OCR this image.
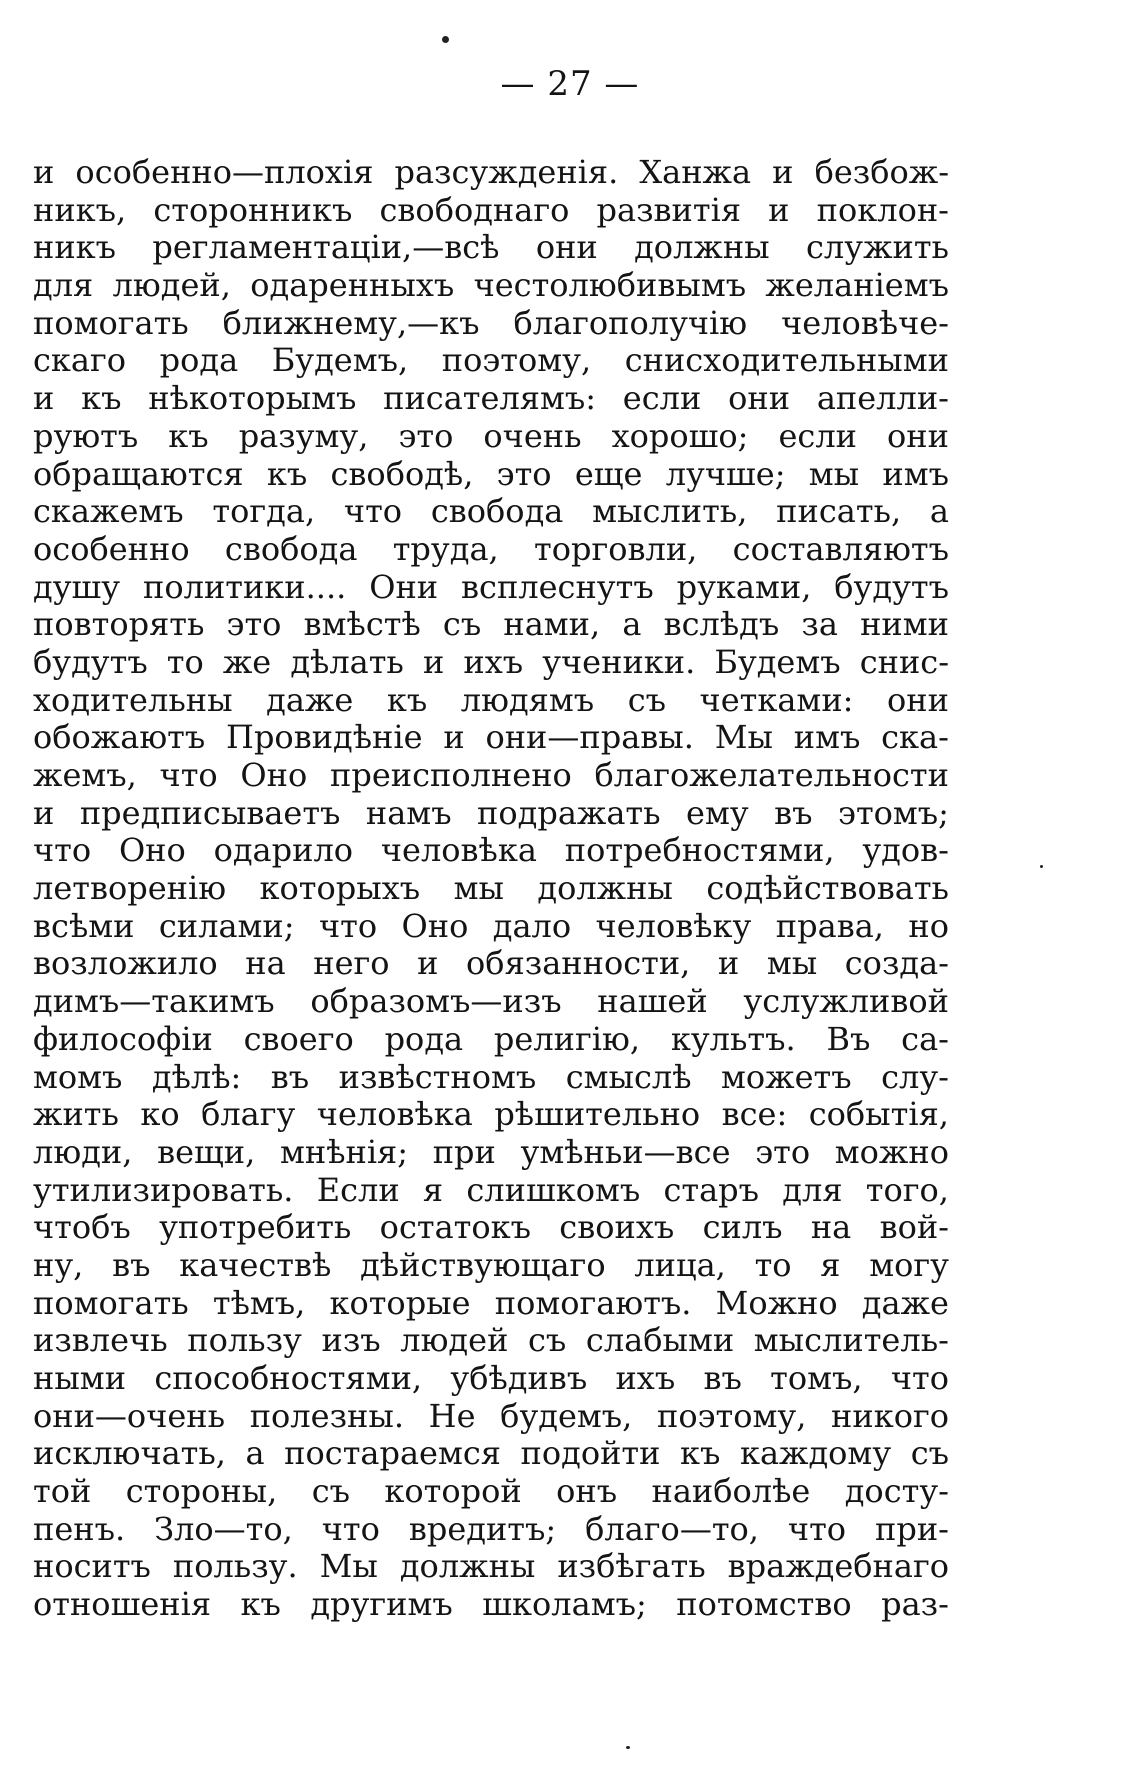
— 27 —
и особенно—плохія разсужденія. Ханжа и безбож-
никъ, сторонникъ свободнаго развитія и поклон-
никъ регламентаціи,—всѣ они должны служить
для людей, одаренныхъ честолюбивымъ желаніемъ
помогать ближнему,—къ благополучію человѣче-
скаго рода Будемъ, поэтому, снисходительными
и къ нѣкоторымъ писателямъ: если они апелли-
руютъ къ разуму, это очень хорошо; если они
обращаются къ свободѣ, это еще лучше; мы имъ
скажемъ тогда, что свобода мыслить, писать, а
особенно свобода труда, торговли, составляютъ
душу политики.... Они всплеснутъ руками, будутъ
повторять это вмѣстѣ съ нами, а вслѣдъ за ними
будутъ то же дѣлать и ихъ ученики. Будемъ снис-
ходительны даже къ людямъ съ четками: они
обожаютъ Провидѣніе и они—правы. Мы имъ ска-
жемъ, что Оно преисполнено благожелательности
и предписываетъ намъ подражать ему въ этомъ;
что Оно одарило человѣка потребностями, удов-
летворенію которыхъ мы должны содѣйствовать
всѣми силами; что Оно дало человѣку права, но
возложило на него и обязанности, и мы созда-
димъ—такимъ образомъ—изъ нашей услужливой
философіи своего рода религію, культъ. Въ са-
момъ дѣлѣ: въ извѣстномъ смыслѣ можетъ слу-
жить ко благу человѣка рѣшительно все: событія,
люди, вещи, мнѣнія; при умѣньи—все это можно
утилизировать. Если я слишкомъ старъ для того,
чтобъ употребить остатокъ своихъ силъ на вой-
ну, въ качествѣ дѣйствующаго лица, то я могу
помогать тѣмъ, которые помогаютъ. Можно даже
извлечь пользу изъ людей съ слабыми мыслитель-
ными способностями, убѣдивъ ихъ въ томъ, что
они—очень полезны. Не будемъ, поэтому, никого
исключать, а постараемся подойти къ каждому съ
той стороны, съ которой онъ наиболѣе досту-
пенъ. Зло—то, что вредитъ; благо—то, что при-
носитъ пользу. Мы должны избѣгать враждебнаго
отношенія къ другимъ школамъ; потомство раз-
